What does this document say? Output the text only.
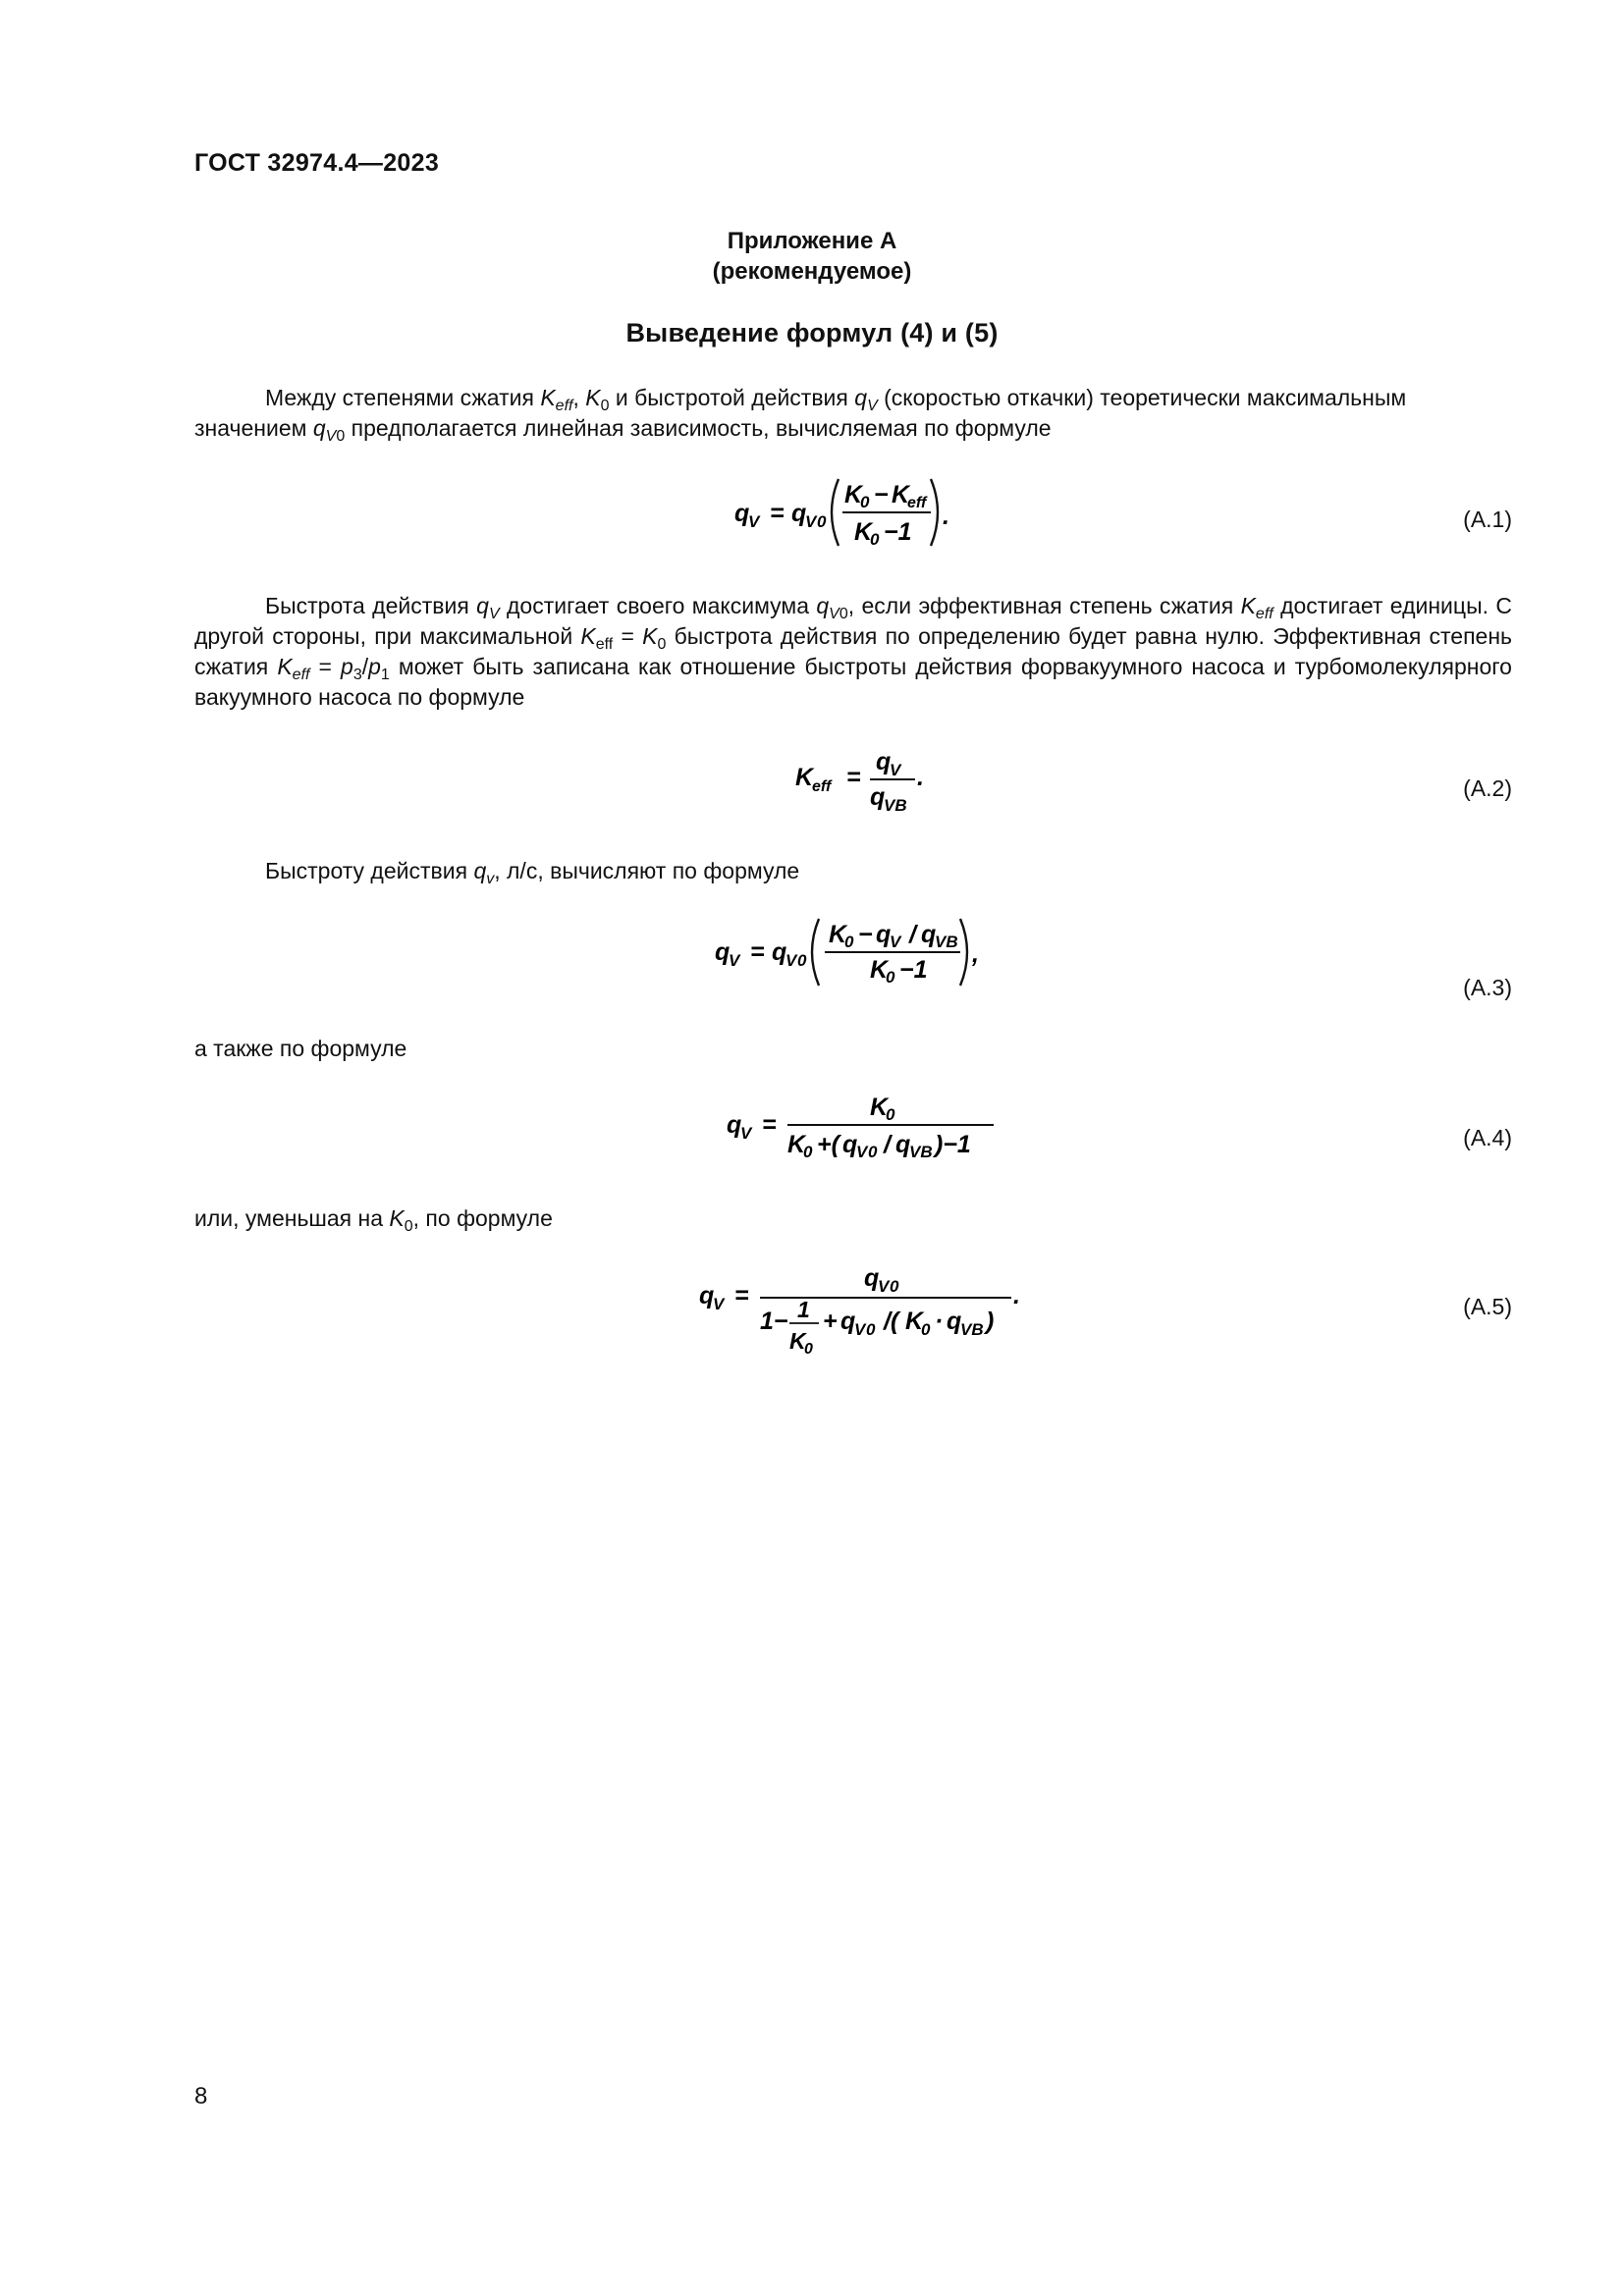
ГОСТ 32974.4—2023
Приложение А
(рекомендуемое)
Выведение формул (4) и (5)
Между степенями сжатия $K_{eff}$, $K_0$ и быстротой действия $q_V$ (скоростью откачки) теоретически максимальным
значением $q_{V0}$ предполагается линейная зависимость, вычисляемая по формуле
q
V = q
V 0
K
0 − K
eff
K
0 −1
.	(A.1)
Быстрота действия $q_V$ достигает своего максимума $q_{V0}$, если эффективная степень сжатия $K_{eff}$ достигает единицы. С другой стороны, при максимальной $K_{eff} = K_0$ быстрота действия по определению будет равна нулю. Эффективная степень сжатия $K_{eff} = p_3/p_1$ может быть записана как отношение быстроты действия форвакуумного насоса и турбомолекулярного вакуумного насоса по формуле
K
eff =
q
V
q
VB
.	(A.2)
Быстроту действия $q_v$, л/с, вычисляют по формуле
q
V = q
V 0
K
0 − q
V / q
VB
K
0 −1
,
(A.3)
а также по формуле
q
V =
K
0
K
0 +( q
V 0 / q
VB )−1	(A.4)
или, уменьшая на $K_0$, по формуле
q
V =
q
V 0	.
1− 1
K
0
+ q
V 0 /( K
0 · q
VB )
(A.5)
8
